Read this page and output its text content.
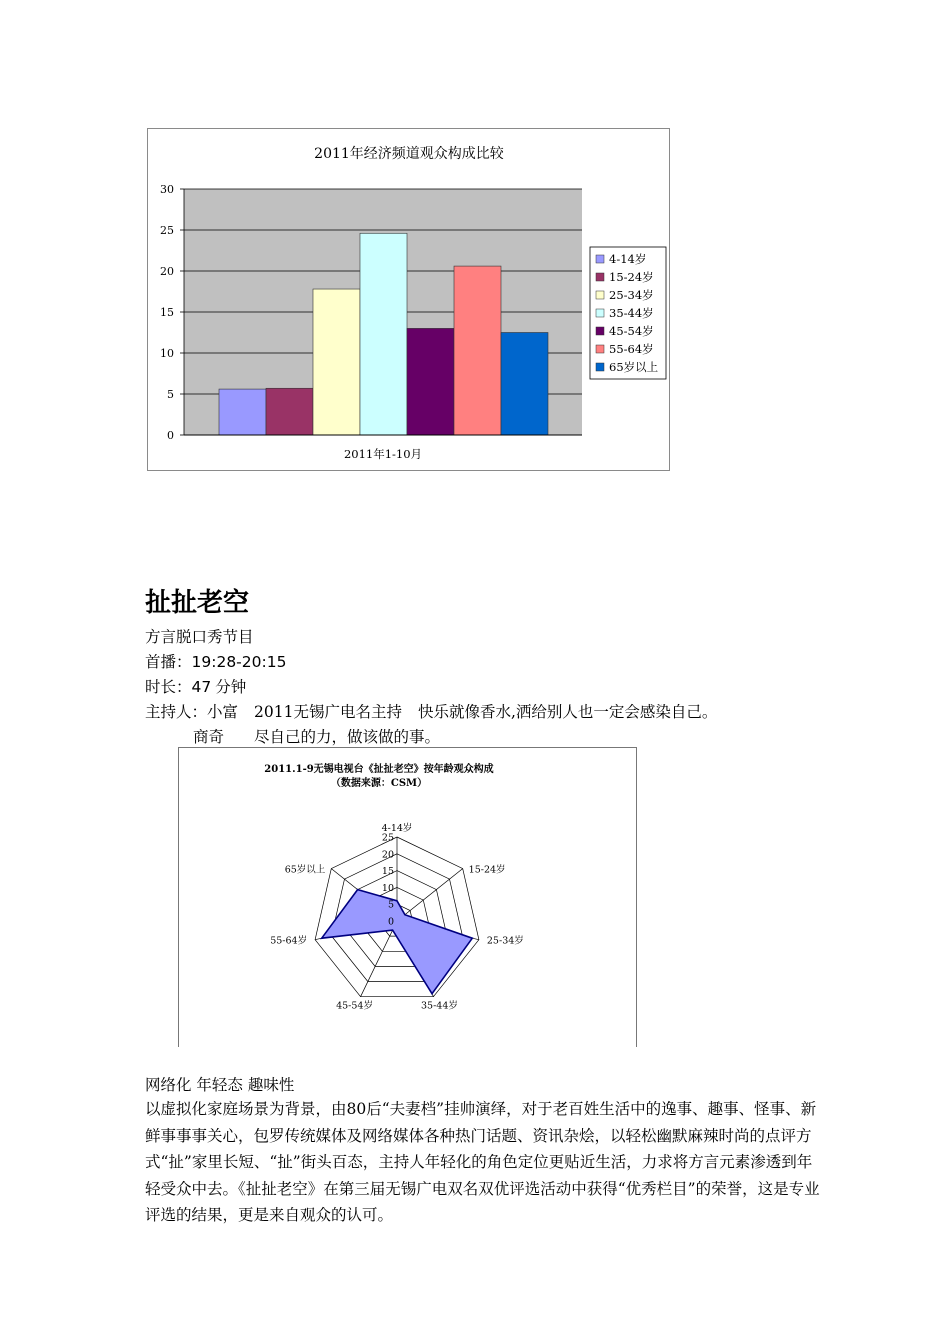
2011年经济频道观众构成比较
0
5
10
15
20
25
30
2011年1-10月
4-14岁
15-24岁
25-34岁
35-44岁
45-54岁
55-64岁
65岁以上
扯扯老空
方言脱口秀节目
首播：19:28-20:15
时长：47 分钟
主持人：小富 2011无锡广电名主持 快乐就像香水,洒给别人也一定会感染自己。
商奇 尽自己的力，做该做的事。
2011.1-9无锡电视台《扯扯老空》按年龄观众构成
（数据来源：CSM）
0
5
10
15
20
25
4-14岁
15-24岁
25-34岁
35-44岁
45-54岁
55-64岁
65岁以上
网络化 年轻态 趣味性
以虚拟化家庭场景为背景，由80后“夫妻档”挂帅演绎，对于老百姓生活中的逸事、趣事、怪事、新鲜事事事关心，包罗传统媒体及网络媒体各种热门话题、资讯杂烩，以轻松幽默麻辣时尚的点评方式“扯”家里长短、“扯”街头百态，主持人年轻化的角色定位更贴近生活，力求将方言元素渗透到年轻受众中去。《扯扯老空》在第三届无锡广电双名双优评选活动中获得“优秀栏目”的荣誉，这是专业评选的结果，更是来自观众的认可。
